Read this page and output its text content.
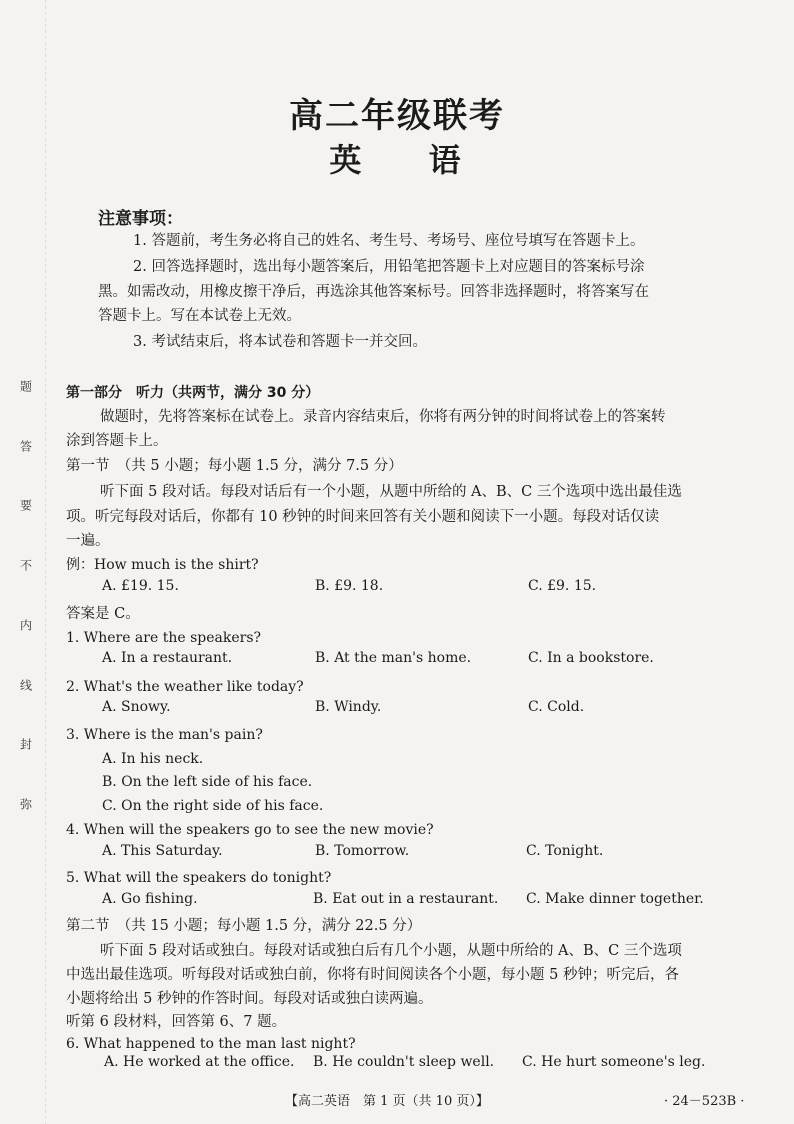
题
答
要
不
内
线
封
弥
高二年级联考
英 语
注意事项：
1. 答题前，考生务必将自己的姓名、考生号、考场号、座位号填写在答题卡上。
2. 回答选择题时，选出每小题答案后，用铅笔把答题卡上对应题目的答案标号涂
黑。如需改动，用橡皮擦干净后，再选涂其他答案标号。回答非选择题时，将答案写在
答题卡上。写在本试卷上无效。
3. 考试结束后，将本试卷和答题卡一并交回。
第一部分　听力（共两节，满分 30 分）
做题时，先将答案标在试卷上。录音内容结束后，你将有两分钟的时间将试卷上的答案转
涂到答题卡上。
第一节　（共 5 小题；每小题 1.5 分，满分 7.5 分）
听下面 5 段对话。每段对话后有一个小题，从题中所给的 A、B、C 三个选项中选出最佳选
项。听完每段对话后，你都有 10 秒钟的时间来回答有关小题和阅读下一小题。每段对话仅读
一遍。
例：How much is the shirt?
A. £19. 15.	B. £9. 18.	C. £9. 15.
答案是 C。
1. Where are the speakers?
A. In a restaurant.	B. At the man's home.	C. In a bookstore.
2. What's the weather like today?
A. Snowy.	B. Windy.	C. Cold.
3. Where is the man's pain?
A. In his neck.
B. On the left side of his face.
C. On the right side of his face.
4. When will the speakers go to see the new movie?
A. This Saturday.	B. Tomorrow.	C. Tonight.
5. What will the speakers do tonight?
A. Go fishing.	B. Eat out in a restaurant. C. Make dinner together.
第二节　（共 15 小题；每小题 1.5 分，满分 22.5 分）
听下面 5 段对话或独白。每段对话或独白后有几个小题，从题中所给的 A、B、C 三个选项
中选出最佳选项。听每段对话或独白前，你将有时间阅读各个小题，每小题 5 秒钟；听完后，各
小题将给出 5 秒钟的作答时间。每段对话或独白读两遍。
听第 6 段材料，回答第 6、7 题。
6. What happened to the man last night?
A. He worked at the office. B. He couldn't sleep well. C. He hurt someone's leg.
【高二英语　第 1 页（共 10 页）】	· 24－523B ·
